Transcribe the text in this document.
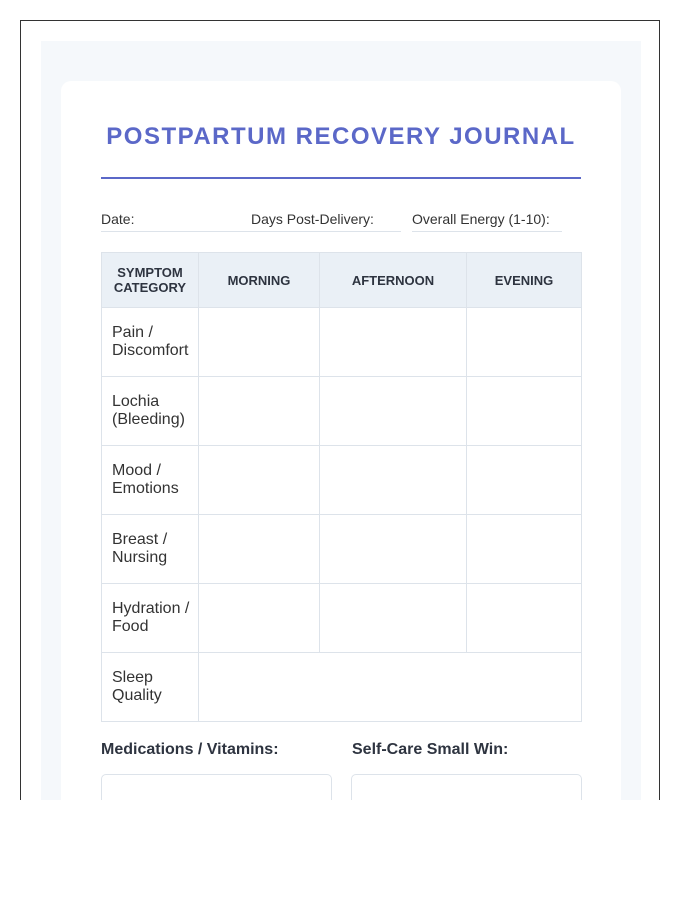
POSTPARTUM RECOVERY JOURNAL
Date:	Days Post-Delivery:	Overall Energy (1-10):
SYMPTOM CATEGORY	MORNING	AFTERNOON	EVENING
Pain / Discomfort			
Lochia (Bleeding)			
Mood / Emotions			
Breast / Nursing			
Hydration / Food			
Sleep Quality			
Medications / Vitamins:	Self-Care Small Win:
